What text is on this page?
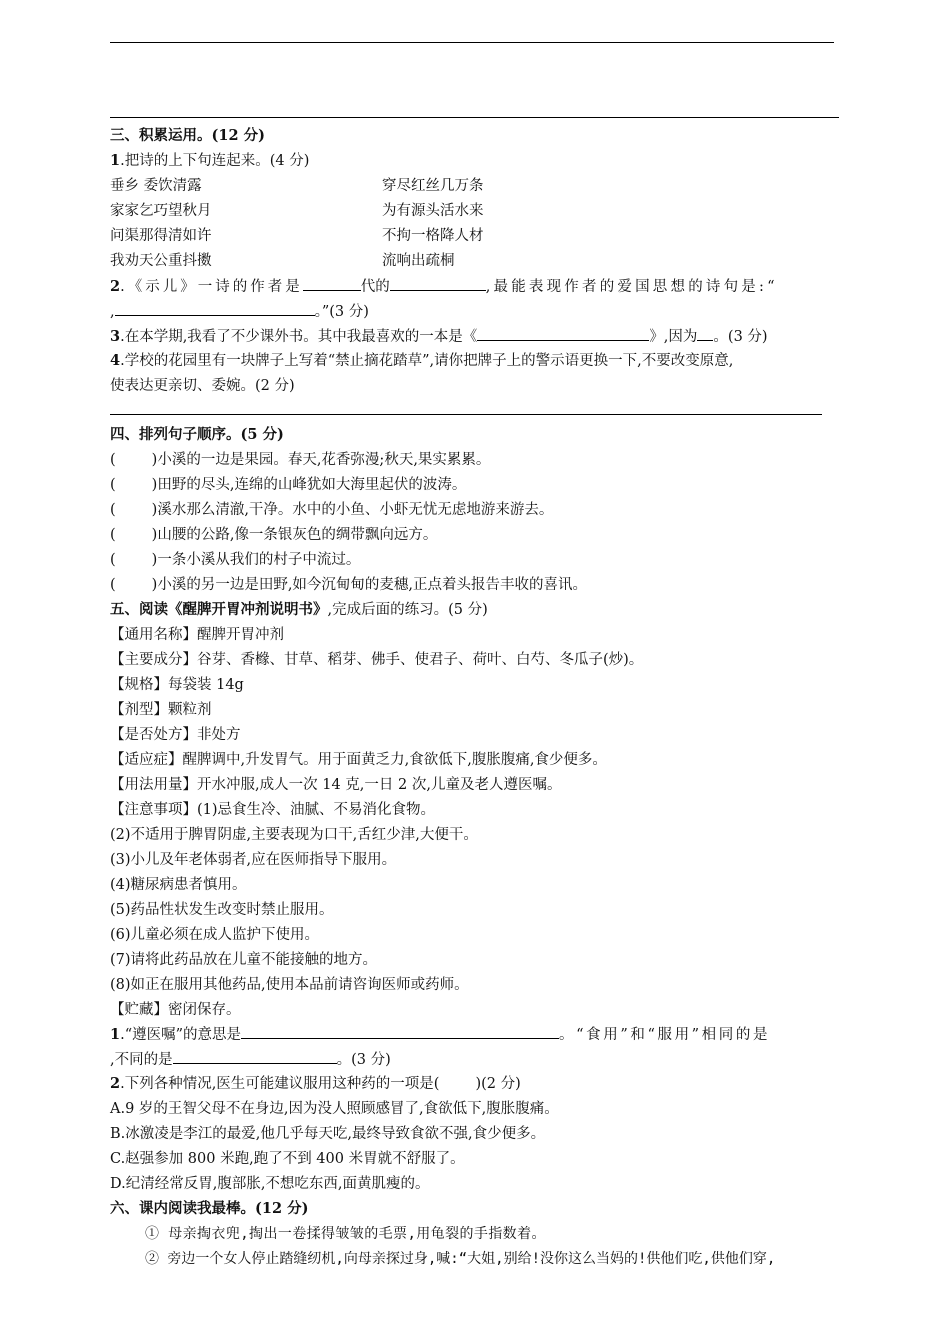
三、积累运用。(12 分)
1.把诗的上下句连起来。(4 分)
垂‌乡 委饮清露	穿尽红丝几万条
家家乞巧望秋月	为有源头活水来
问渠那得清如许	不拘一格降人材
我劝天公重抖擞	流响出疏桐
2.《示儿》一诗的作者是	代的	,最能表现作者的爱国思想的诗句是:“
,	。”(3 分)
3.在本学期,我看了不少课外书。其中我最喜欢的一本是《	》,因为 。(3 分)
4.学校的花园里有一块牌子上写着“禁止摘花踏草”,请你把牌子上的警示语更换一下,不要改变原意,
使表达更亲切、委婉。(2 分)
四、排列句子顺序。(5 分)
( )小溪的一边是果园。春天,花香弥漫;秋天,果实累累。
( )田野的尽头,连绵的山峰犹如大海里起伏的波涛。
( )溪水那么清澈,干净。水中的小鱼、小虾无忧无虑地游来游去。
( )山腰的公路,像一条银灰色的绸带飘向远方。
( )一条小溪从我们的村子中流过。
( )小溪的另一边是田野,如今沉甸甸的麦穗,正点着头报告丰收的喜讯。
五、阅读《醒脾开胃冲剂说明书》,完成后面的练习。(5 分)
【通用名称】醒脾开胃冲剂
【主要成分】谷芽、香橼、甘草、稻芽、佛手、使君子、荷叶、白芍、冬瓜子(炒)。
【规格】每袋装 14g
【剂型】颗粒剂
【是否处方】非处方
【适应症】醒脾调中,升发胃气。用于面黄乏力,食欲低下,腹胀腹痛,食少便多。
【用法用量】开水冲服,成人一次 14 克,一日 2 次,儿童及老人遵医嘱。
【注意事项】(1)忌食生冷、油腻、不易消化食物。
(2)不适用于脾胃阴虚,主要表现为口干,舌红少津,大便干。
(3)小儿及年老体弱者,应在医师指导下服用。
(4)糖尿病患者慎用。
(5)药品性状发生改变时禁止服用。
(6)儿童必须在成人监护下使用。
(7)请将此药品放在儿童不能接触的地方。
(8)如正在服用其他药品,使用本品前请咨询医师或药师。
【贮藏】密闭保存。
1.“遵医嘱”的意思是	。“食用”和“服用”相同的是
,不同的是	。(3 分)
2.下列各种情况,医生可能建议服用这种药的一项是( )(2 分)
A.9 岁的王智父母不在身边,因为没人照顾感冒了,食欲低下,腹胀腹痛。
B.冰激凌是李江的最爱,他几乎每天吃,最终导致食欲不强,食少便多。
C.赵强参加 800 米跑,跑了不到 400 米胃就不舒服了。
D.纪清经常反胃,腹部胀,不想吃东西,面黄肌瘦的。
六、课内阅读我最棒。(12 分)
① 母亲掏衣兜,掏出一卷揉得皱皱的毛票,用龟裂的手指数着。
② 旁边一个女人停止踏缝纫机,向母亲探过身,喊:“大姐,别给!没你这么当妈的!供他们吃,供他们穿,
